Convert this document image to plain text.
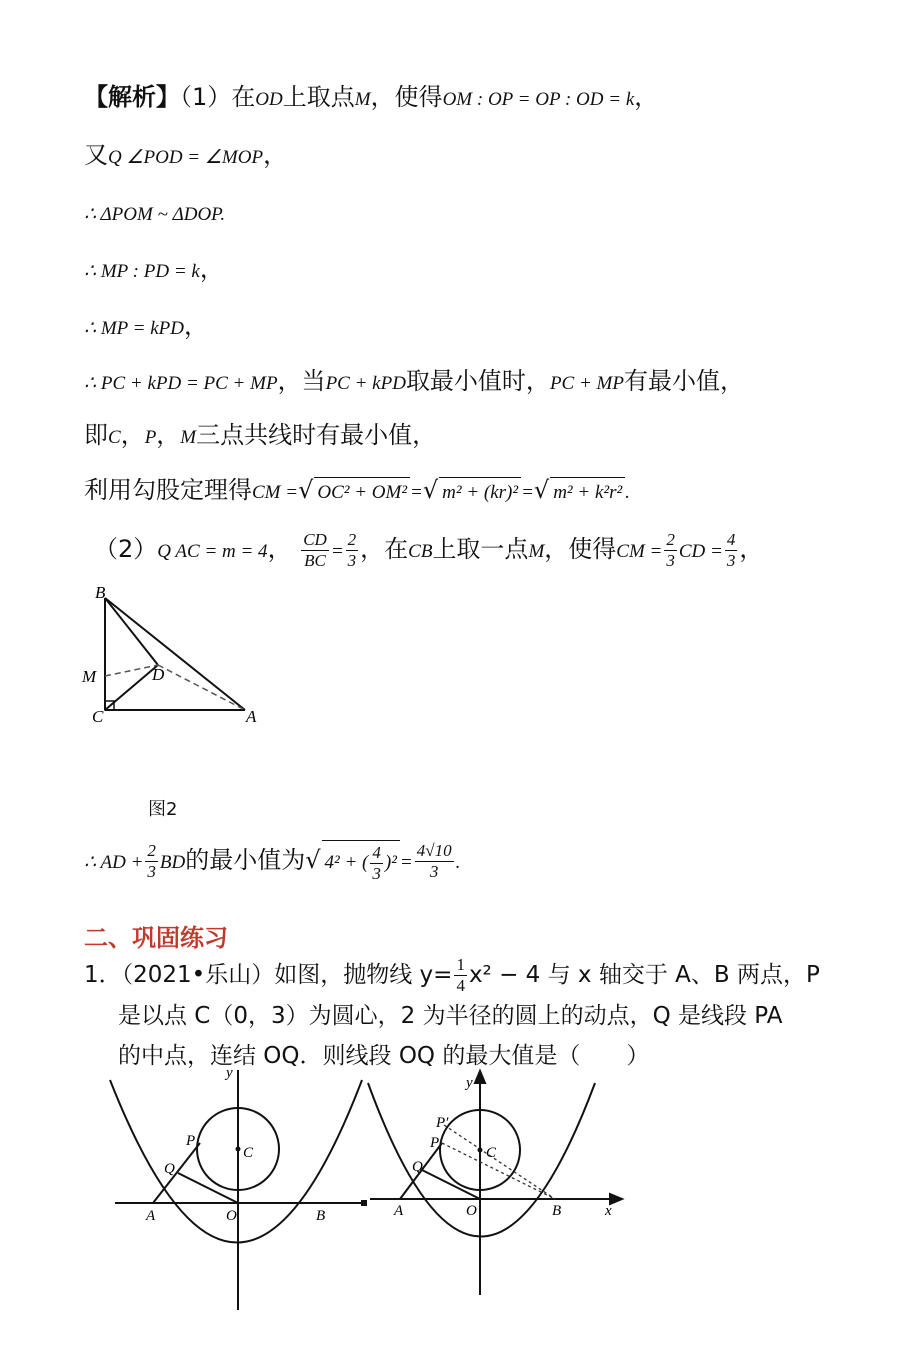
【解析】（1）在OD上取点M，使得OM : OP = OP : OD = k，
又Q ∠POD = ∠MOP，
∴ ΔPOM ~ ΔDOP.
∴ MP : PD = k，
∴ MP = kPD，
∴ PC + kPD = PC + MP，当PC + kPD取最小值时，PC + MP有最小值，
即C，P，M三点共线时有最小值，
利用勾股定理得CM =√ OC² + OM² =√ m² + (kr)² =√ m² + k²r² .
（2）Q AC = m = 4， $\frac{CD}{BC} = \frac{2}{3}$ ，在CB上取一点M，使得CM = $\frac{2}{3}$ CD = $\frac{4}{3}$ ，
B
M	D
C	A
图2
∴ AD + $\frac{2}{3}$ BD的最小值为√ 4² + ( $\frac{4}{3} )^2 = \frac{4√10}{3}$ .
二、巩固练习
1．（2021•乐山）如图，抛物线 $y= \frac{1}{4} x^2 - 4$ 与 x 轴交于 A、B 两点，P
是以点 C（0，3）为圆心，2 为半径的圆上的动点，Q 是线段 PA
的中点，连结 OQ．则线段 OQ 的最大值是（　　）
y
P
C
Q
A	O	B
y
P′
P
C
Q
A	O	B	x
